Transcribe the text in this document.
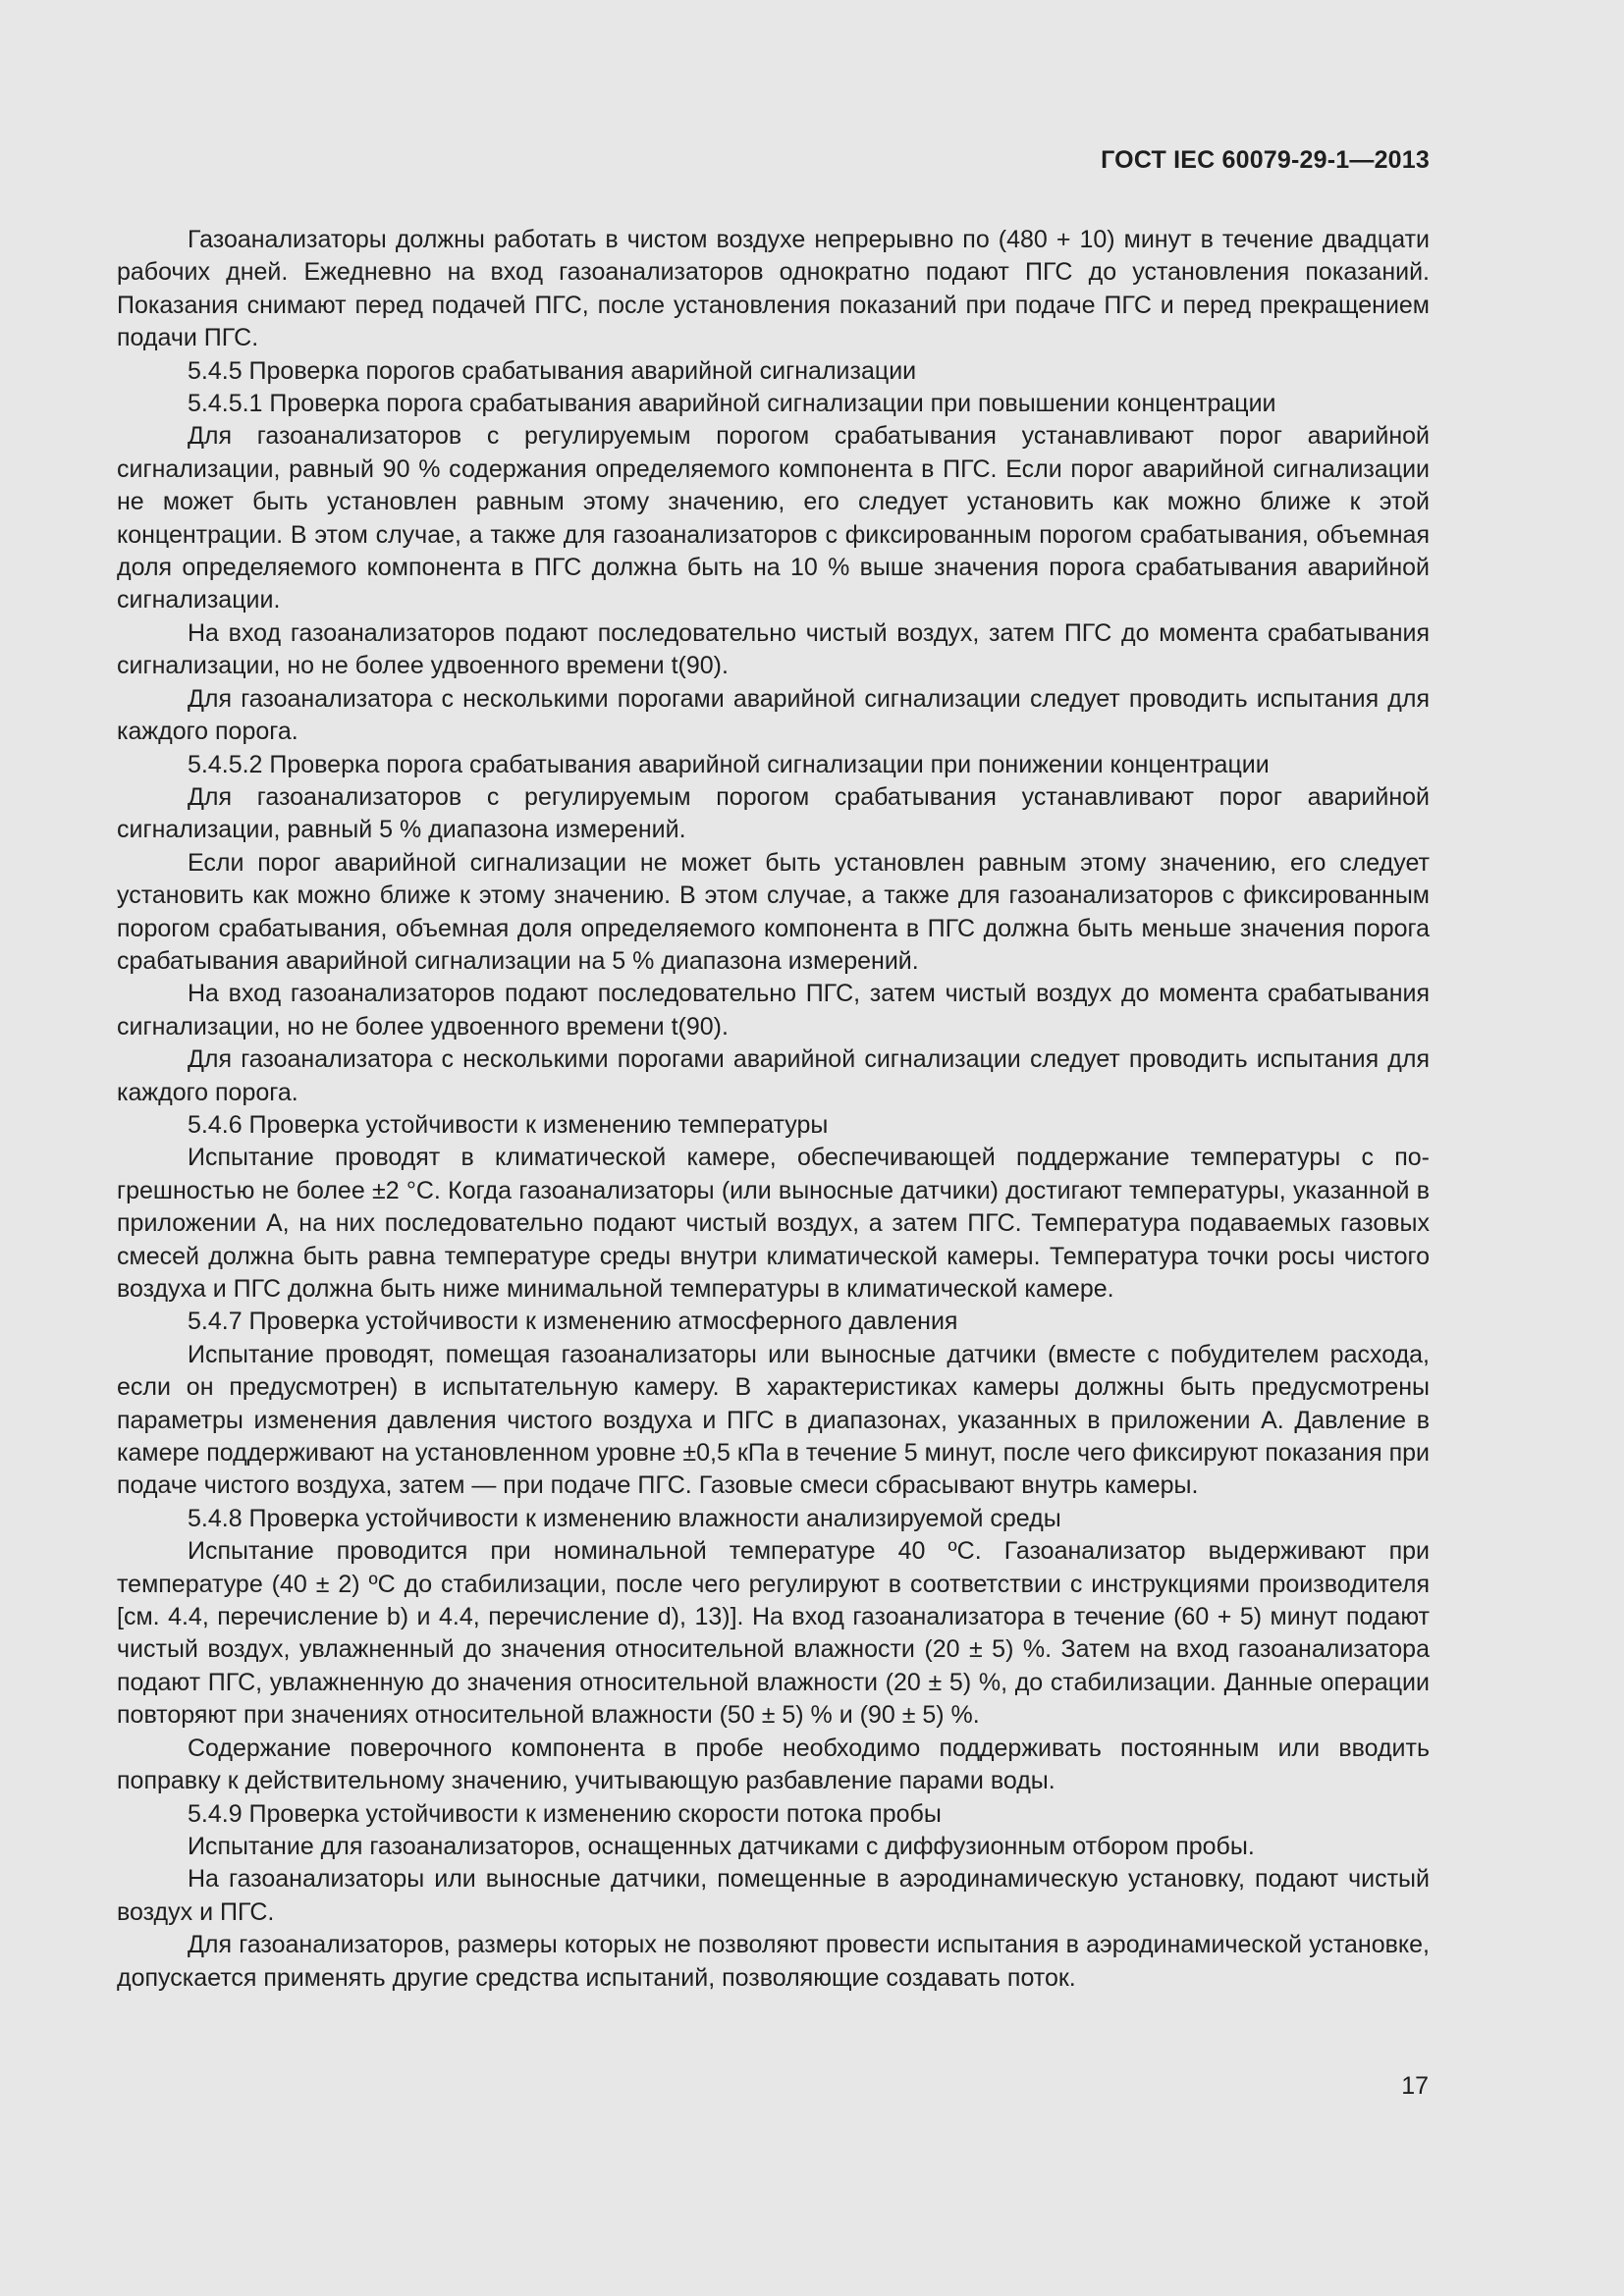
ГОСТ IEC 60079-29-1—2013

Газоанализаторы должны работать в чистом воздухе непрерывно по (480 + 10) минут в течение двадцати рабочих дней. Ежедневно на вход газоанализаторов однократно подают ПГС до установления показаний. Показания снимают перед подачей ПГС, после установления показаний при подаче ПГС и перед прекращением подачи ПГС.

5.4.5 Проверка порогов срабатывания аварийной сигнализации

5.4.5.1 Проверка порога срабатывания аварийной сигнализации при повышении концентрации

Для газоанализаторов с регулируемым порогом срабатывания устанавливают порог аварийной сигнализации, равный 90 % содержания определяемого компонента в ПГС. Если порог аварийной сигнализации не может быть установлен равным этому значению, его следует установить как можно ближе к этой концентрации. В этом случае, а также для газоанализаторов с фиксированным порогом срабатывания, объемная доля определяемого компонента в ПГС должна быть на 10 % выше значения порога срабатывания аварийной сигнализации.

На вход газоанализаторов подают последовательно чистый воздух, затем ПГС до момента срабатывания сигнализации, но не более удвоенного времени t(90).

Для газоанализатора с несколькими порогами аварийной сигнализации следует проводить испытания для каждого порога.

5.4.5.2 Проверка порога срабатывания аварийной сигнализации при понижении концентрации

Для газоанализаторов с регулируемым порогом срабатывания устанавливают порог аварийной сигнализации, равный 5 % диапазона измерений.

Если порог аварийной сигнализации не может быть установлен равным этому значению, его следует установить как можно ближе к этому значению. В этом случае, а также для газоанализаторов с фиксированным порогом срабатывания, объемная доля определяемого компонента в ПГС должна быть меньше значения порога срабатывания аварийной сигнализации на 5 % диапазона измерений.

На вход газоанализаторов подают последовательно ПГС, затем чистый воздух до момента срабатывания сигнализации, но не более удвоенного времени t(90).

Для газоанализатора с несколькими порогами аварийной сигнализации следует проводить испытания для каждого порога.

5.4.6 Проверка устойчивости к изменению температуры

Испытание проводят в климатической камере, обеспечивающей поддержание температуры с погрешностью не более ±2 °С. Когда газоанализаторы (или выносные датчики) достигают температуры, указанной в приложении А, на них последовательно подают чистый воздух, а затем ПГС. Температура подаваемых газовых смесей должна быть равна температуре среды внутри климатической камеры. Температура точки росы чистого воздуха и ПГС должна быть ниже минимальной температуры в климатической камере.

5.4.7 Проверка устойчивости к изменению атмосферного давления

Испытание проводят, помещая газоанализаторы или выносные датчики (вместе с побудителем расхода, если он предусмотрен) в испытательную камеру. В характеристиках камеры должны быть предусмотрены параметры изменения давления чистого воздуха и ПГС в диапазонах, указанных в приложении А. Давление в камере поддерживают на установленном уровне ±0,5 кПа в течение 5 минут, после чего фиксируют показания при подаче чистого воздуха, затем — при подаче ПГС. Газовые смеси сбрасывают внутрь камеры.

5.4.8 Проверка устойчивости к изменению влажности анализируемой среды

Испытание проводится при номинальной температуре 40 ºС. Газоанализатор выдерживают при температуре (40 ± 2) ºС до стабилизации, после чего регулируют в соответствии с инструкциями производителя [см. 4.4, перечисление b) и 4.4, перечисление d), 13)]. На вход газоанализатора в течение (60 + 5) минут подают чистый воздух, увлажненный до значения относительной влажности (20 ± 5) %. Затем на вход газоанализатора подают ПГС, увлажненную до значения относительной влажности (20 ± 5) %, до стабилизации. Данные операции повторяют при значениях относительной влажности (50 ± 5) % и (90 ± 5) %.

Содержание поверочного компонента в пробе необходимо поддерживать постоянным или вводить поправку к действительному значению, учитывающую разбавление парами воды.

5.4.9 Проверка устойчивости к изменению скорости потока пробы

Испытание для газоанализаторов, оснащенных датчиками с диффузионным отбором пробы.

На газоанализаторы или выносные датчики, помещенные в аэродинамическую установку, подают чистый воздух и ПГС.

Для газоанализаторов, размеры которых не позволяют провести испытания в аэродинамической установке, допускается применять другие средства испытаний, позволяющие создавать поток.

17
